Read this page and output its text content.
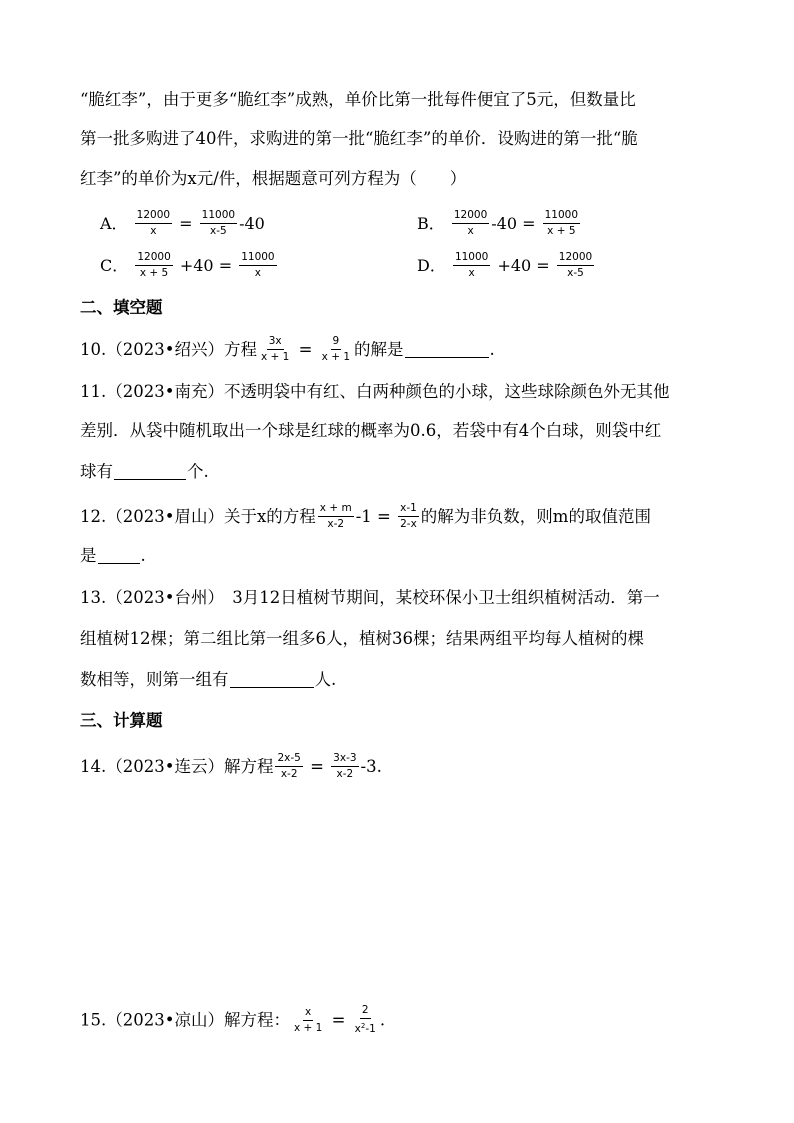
“脆红李”，由于更多“脆红李”成熟，单价比第一批每件便宜了5元，但数量比
第一批多购进了40件，求购进的第一批“脆红李”的单价．设购进的第一批“脆
红李”的单价为x元/件，根据题意可列方程为（　　）
A． $\frac{12000}{x} = \frac{11000}{x-5} -40$	B． $\frac{12000}{x} -40 = \frac{11000}{x + 5}$
C． $\frac{12000}{x + 5} +40 = \frac{11000}{x}$	D． $\frac{11000}{x} +40 = \frac{12000}{x-5}$
二、填空题
10.（2023•绍兴）方程 $\frac{3x}{x + 1} = \frac{9}{x + 1}$ 的解是	.
11.（2023•南充）不透明袋中有红、白两种颜色的小球，这些球除颜色外无其他
差别．从袋中随机取出一个球是红球的概率为0.6，若袋中有4个白球，则袋中红
球有	个.
12.（2023•眉山）关于x的方程 $\frac{x + m}{x-2} -1 = \frac{x-1}{2-x}$ 的解为非负数，则m的取值范围
是	.
13.（2023•台州）　3月12日植树节期间，某校环保小卫士组织植树活动．第一
组植树12棵；第二组比第一组多6人，植树36棵；结果两组平均每人植树的棵
数相等，则第一组有	人.
三、计算题
14.（2023•连云）解方程 $\frac{2x-5}{x-2} = \frac{3x-3}{x-2} -3$.
15.（2023•凉山）解方程： $\frac{x}{x + 1} = \frac{2}{x^2-1}$ .
